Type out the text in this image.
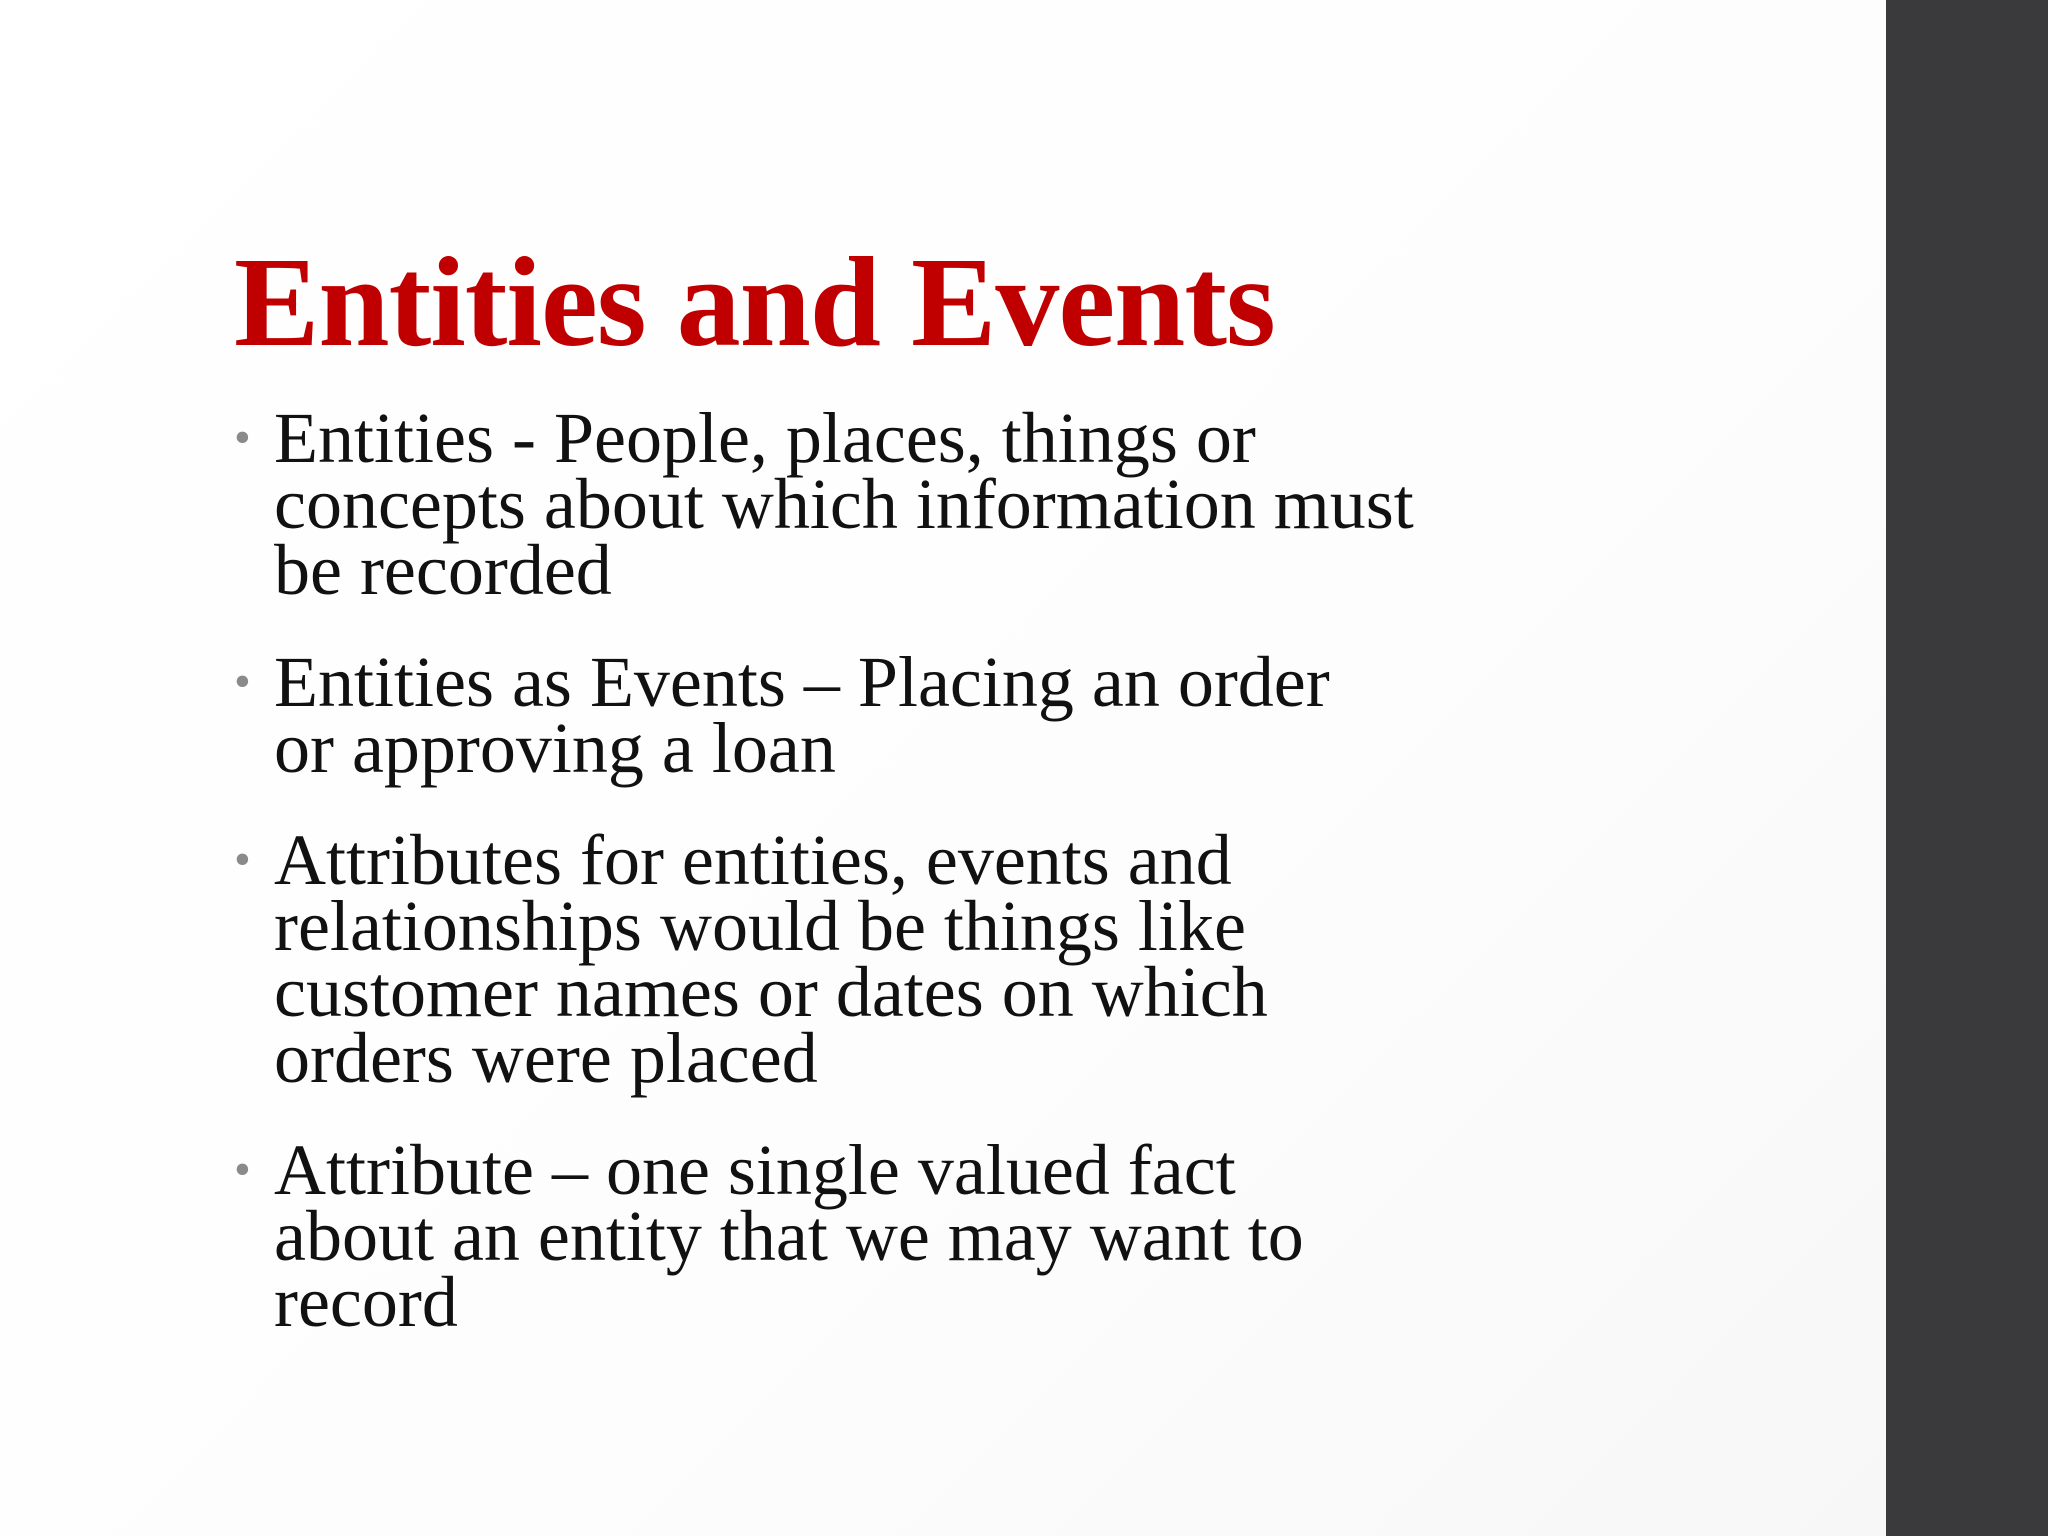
Entities and Events
• Entities - People, places, things or
concepts about which information must
be recorded
• Entities as Events – Placing an order
or approving a loan
• Attributes for entities, events and
relationships would be things like
customer names or dates on which
orders were placed
• Attribute – one single valued fact
about an entity that we may want to
record
